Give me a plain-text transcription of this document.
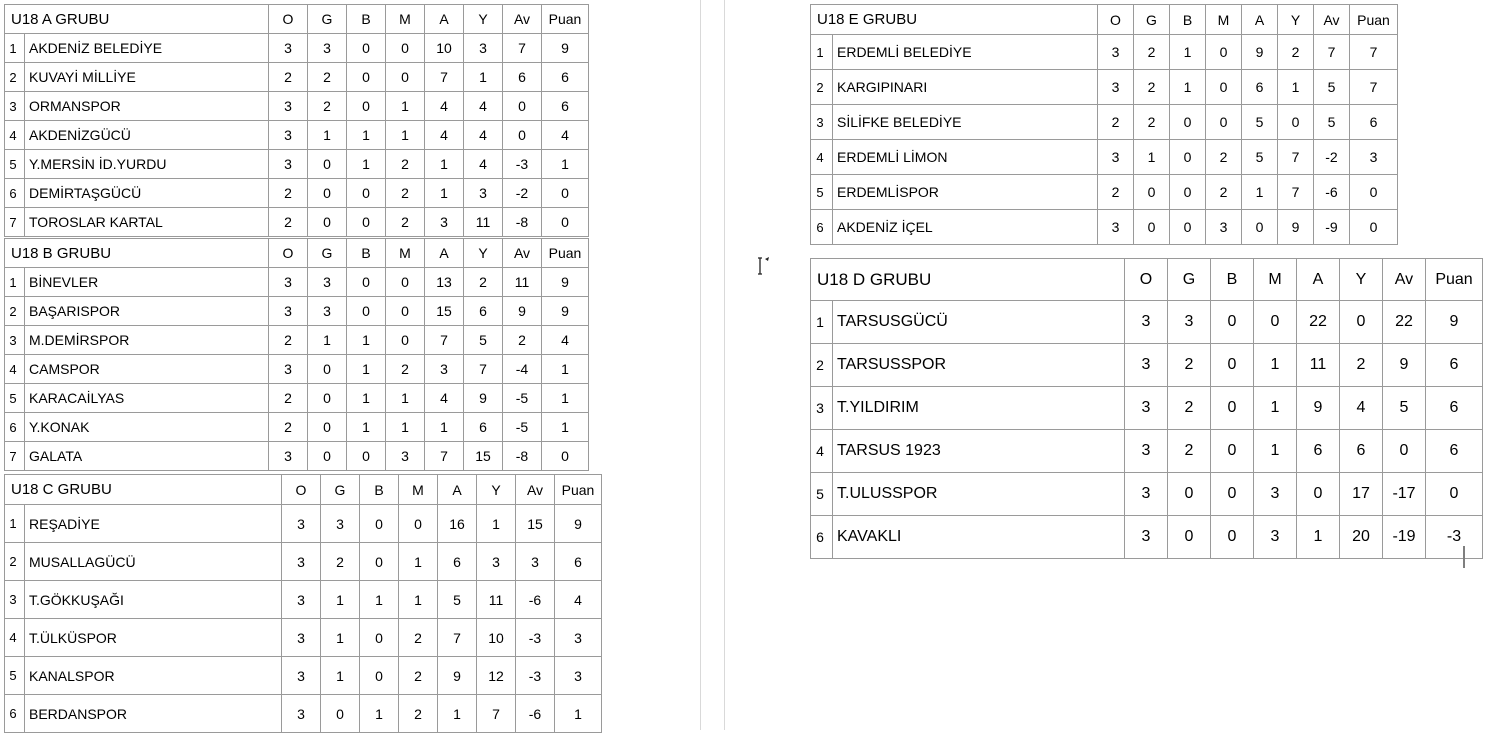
U18 A GRUBU		O	G	B	M	A	Y	Av	Puan
1	AKDENİZ BELEDİYE	3	3	0	0	10	3	7	9
2	KUVAYİ MİLLİYE	2	2	0	0	7	1	6	6
3	ORMANSPOR	3	2	0	1	4	4	0	6
4	AKDENİZGÜCÜ	3	1	1	1	4	4	0	4
5	Y.MERSİN İD.YURDU	3	0	1	2	1	4	-3	1
6	DEMİRTAŞGÜCÜ	2	0	0	2	1	3	-2	0
7	TOROSLAR KARTAL	2	0	0	2	3	11	-8	0
U18 B GRUBU		O	G	B	M	A	Y	Av	Puan
1	BİNEVLER	3	3	0	0	13	2	11	9
2	BAŞARISPOR	3	3	0	0	15	6	9	9
3	M.DEMİRSPOR	2	1	1	0	7	5	2	4
4	CAMSPOR	3	0	1	2	3	7	-4	1
5	KARACAİLYAS	2	0	1	1	4	9	-5	1
6	Y.KONAK	2	0	1	1	1	6	-5	1
7	GALATA	3	0	0	3	7	15	-8	0
U18 C GRUBU		O	G	B	M	A	Y	Av	Puan
1	REŞADİYE	3	3	0	0	16	1	15	9
2	MUSALLAGÜCÜ	3	2	0	1	6	3	3	6
3	T.GÖKKUŞAĞI	3	1	1	1	5	11	-6	4
4	T.ÜLKÜSPOR	3	1	0	2	7	10	-3	3
5	KANALSPOR	3	1	0	2	9	12	-3	3
6	BERDANSPOR	3	0	1	2	1	7	-6	1
U18 E GRUBU		O	G	B	M	A	Y	Av	Puan
1	ERDEMLİ BELEDİYE	3	2	1	0	9	2	7	7
2	KARGIPINARI	3	2	1	0	6	1	5	7
3	SİLİFKE BELEDİYE	2	2	0	0	5	0	5	6
4	ERDEMLİ LİMON	3	1	0	2	5	7	-2	3
5	ERDEMLİSPOR	2	0	0	2	1	7	-6	0
6	AKDENİZ İÇEL	3	0	0	3	0	9	-9	0
U18 D GRUBU		O	G	B	M	A	Y	Av	Puan
1	TARSUSGÜCÜ	3	3	0	0	22	0	22	9
2	TARSUSSPOR	3	2	0	1	11	2	9	6
3	T.YILDIRIM	3	2	0	1	9	4	5	6
4	TARSUS 1923	3	2	0	1	6	6	0	6
5	T.ULUSSPOR	3	0	0	3	0	17	-17	0
6	KAVAKLI	3	0	0	3	1	20	-19	-3
